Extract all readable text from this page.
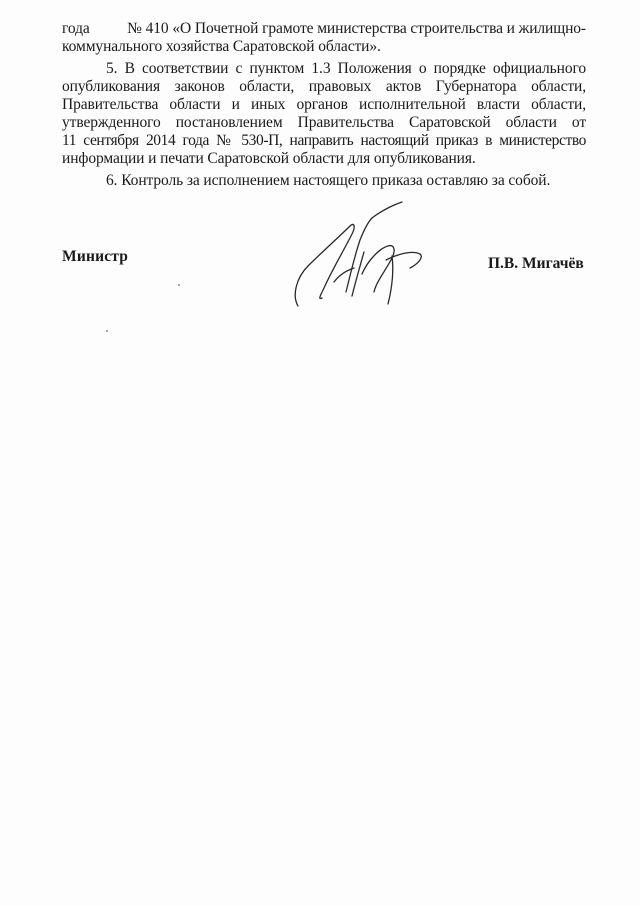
года № 410 «О Почетной грамоте министерства строительства и жилищно-
коммунального хозяйства Саратовской области».
5. В соответствии с пунктом 1.3 Положения о порядке официального
опубликования законов области, правовых актов Губернатора области,
Правительства области и иных органов исполнительной власти области,
утвержденного постановлением Правительства Саратовской области от
11 сентября 2014 года № 530-П, направить настоящий приказ в министерство
информации и печати Саратовской области для опубликования.
6. Контроль за исполнением настоящего приказа оставляю за собой.
Министр	П.В. Мигачёв
